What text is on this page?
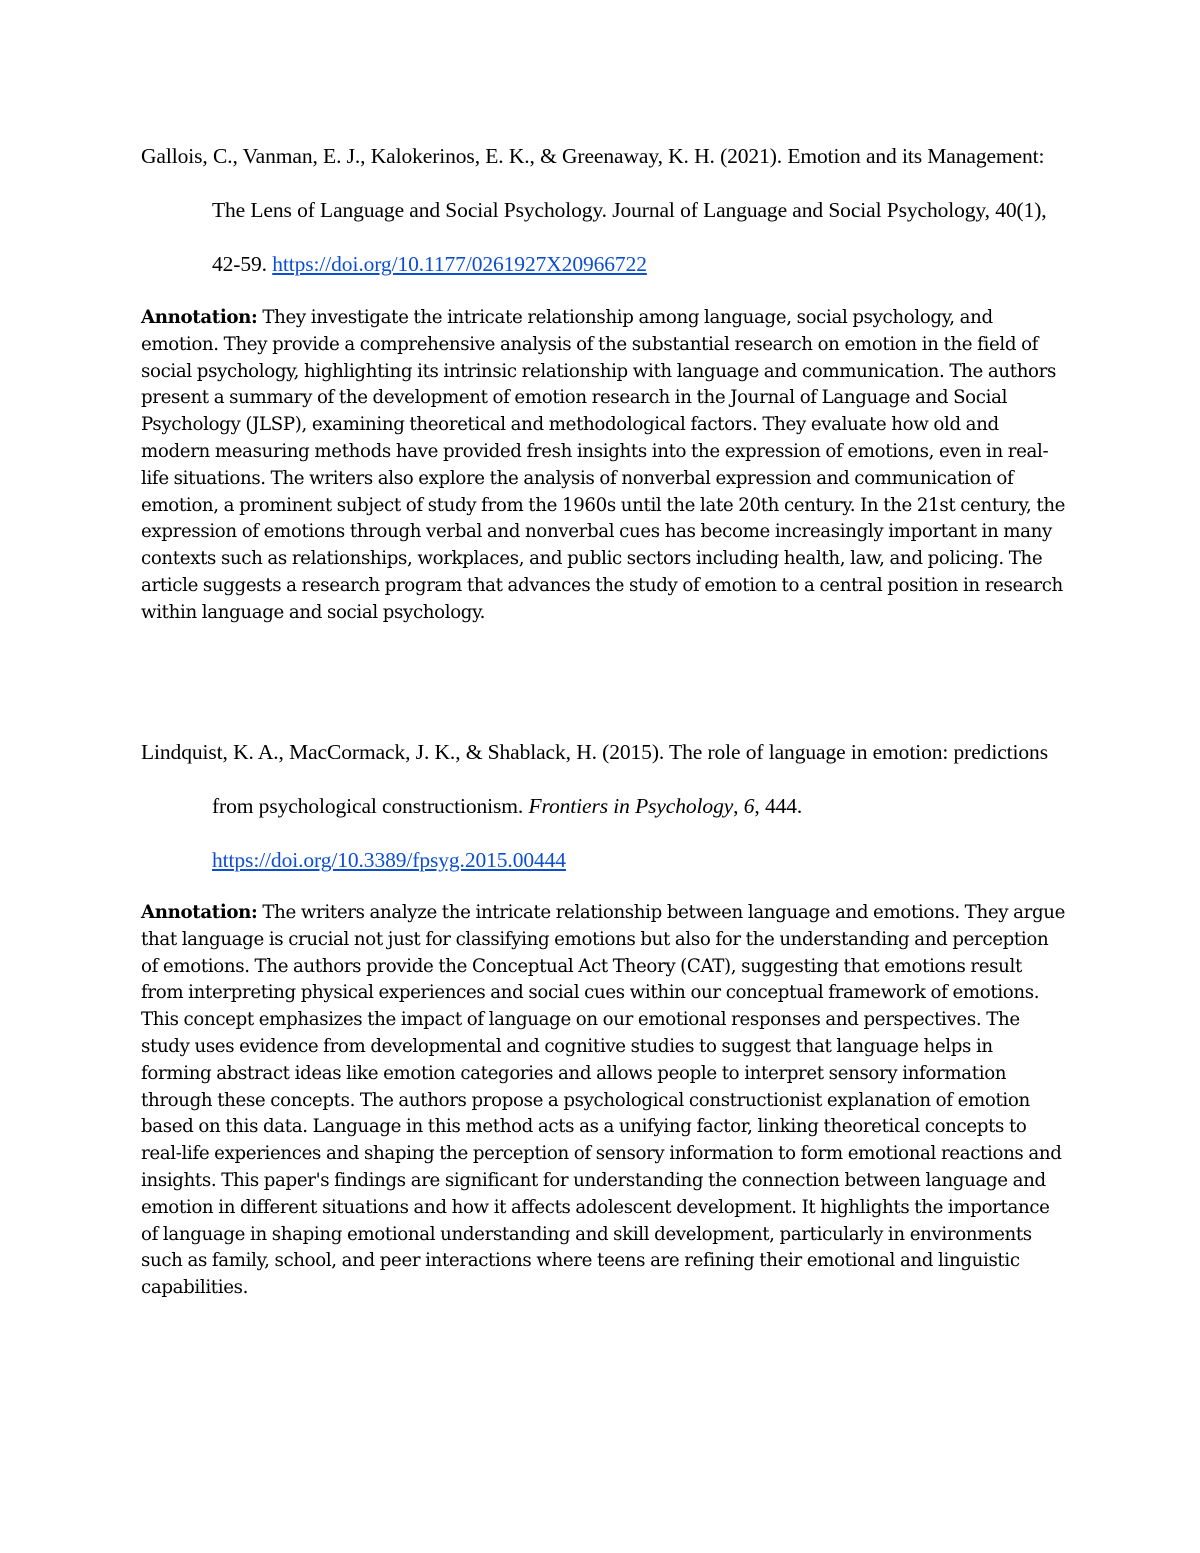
Gallois, C., Vanman, E. J., Kalokerinos, E. K., & Greenaway, K. H. (2021). Emotion and its Management: The Lens of Language and Social Psychology. Journal of Language and Social Psychology, 40(1), 42-59. https://doi.org/10.1177/0261927X20966722

Annotation: They investigate the intricate relationship among language, social psychology, and emotion. They provide a comprehensive analysis of the substantial research on emotion in the field of social psychology, highlighting its intrinsic relationship with language and communication. The authors present a summary of the development of emotion research in the Journal of Language and Social Psychology (JLSP), examining theoretical and methodological factors. They evaluate how old and modern measuring methods have provided fresh insights into the expression of emotions, even in real-life situations. The writers also explore the analysis of nonverbal expression and communication of emotion, a prominent subject of study from the 1960s until the late 20th century. In the 21st century, the expression of emotions through verbal and nonverbal cues has become increasingly important in many contexts such as relationships, workplaces, and public sectors including health, law, and policing. The article suggests a research program that advances the study of emotion to a central position in research within language and social psychology.

Lindquist, K. A., MacCormack, J. K., & Shablack, H. (2015). The role of language in emotion: predictions from psychological constructionism. Frontiers in Psychology, 6, 444. https://doi.org/10.3389/fpsyg.2015.00444

Annotation: The writers analyze the intricate relationship between language and emotions. They argue that language is crucial not just for classifying emotions but also for the understanding and perception of emotions. The authors provide the Conceptual Act Theory (CAT), suggesting that emotions result from interpreting physical experiences and social cues within our conceptual framework of emotions. This concept emphasizes the impact of language on our emotional responses and perspectives. The study uses evidence from developmental and cognitive studies to suggest that language helps in forming abstract ideas like emotion categories and allows people to interpret sensory information through these concepts. The authors propose a psychological constructionist explanation of emotion based on this data. Language in this method acts as a unifying factor, linking theoretical concepts to real-life experiences and shaping the perception of sensory information to form emotional reactions and insights. This paper's findings are significant for understanding the connection between language and emotion in different situations and how it affects adolescent development. It highlights the importance of language in shaping emotional understanding and skill development, particularly in environments such as family, school, and peer interactions where teens are refining their emotional and linguistic capabilities.
